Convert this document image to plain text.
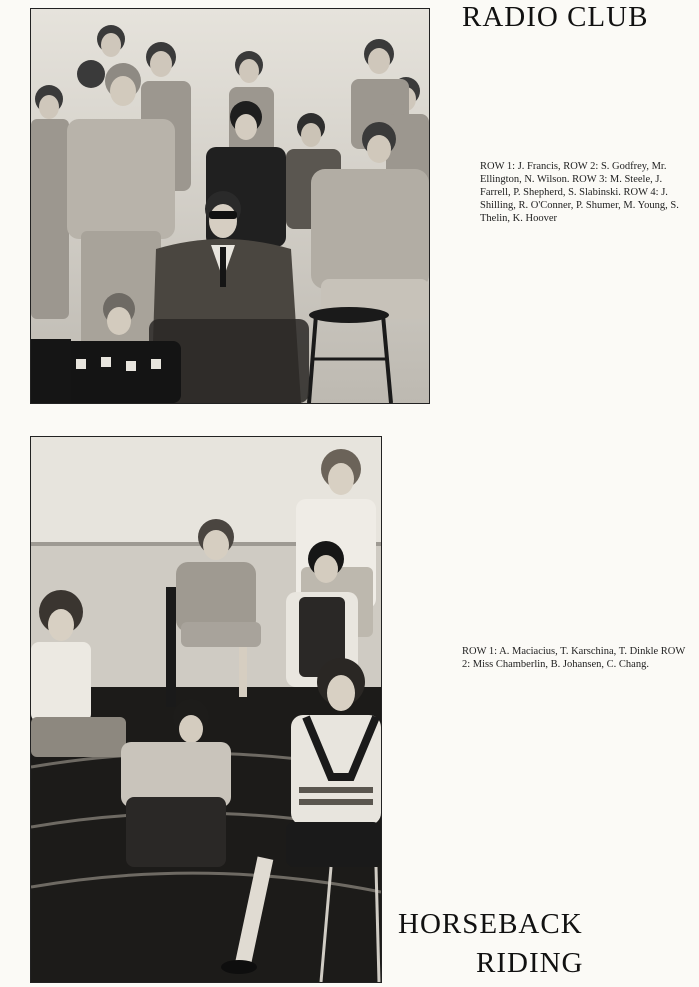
RADIO CLUB
ROW 1: J. Francis, ROW 2: S. Godfrey, Mr. Ellington, N. Wilson. ROW 3: M. Steele, J. Farrell, P. Shepherd, S. Slabinski. ROW 4: J. Shilling, R. O'Conner, P. Shumer, M. Young, S. Thelin, K. Hoover
ROW 1: A. Maciacius, T. Karschina, T. Dinkle ROW 2: Miss Chamberlin, B. Johansen, C. Chang.
HORSEBACK
RIDING
